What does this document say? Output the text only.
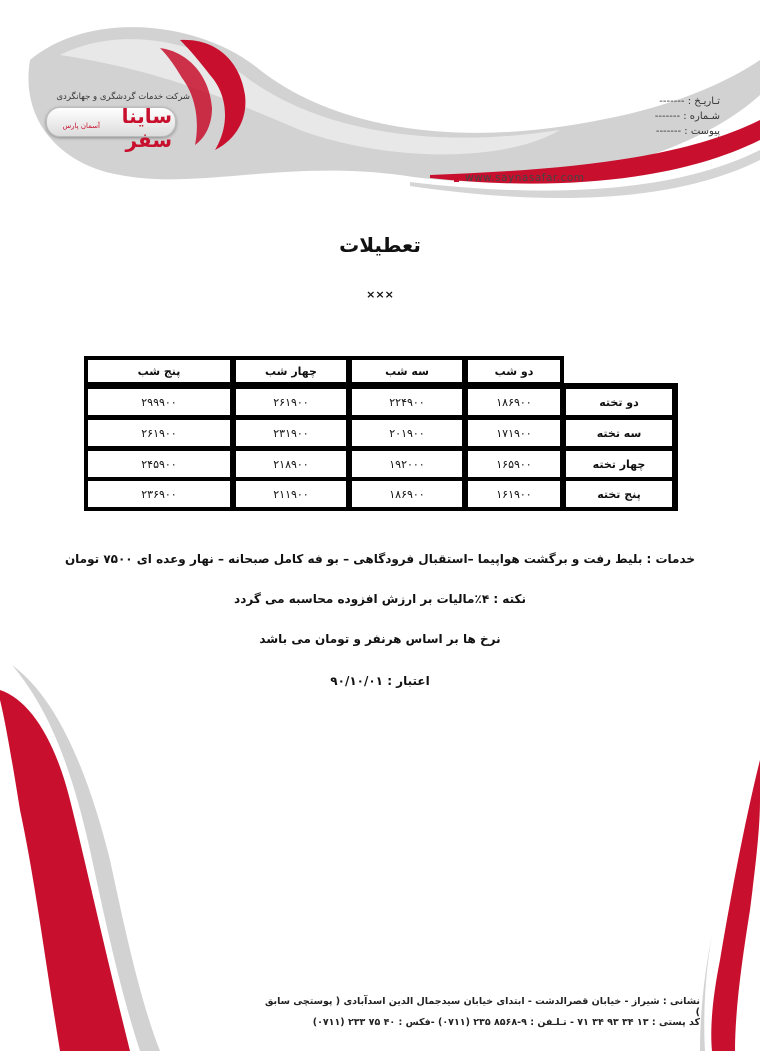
شرکت خدمات گردشگری و جهانگردی
ساینا سفر
آسمان پارس
تـاریـخ : -------
شـماره : -------
پیوست : -------
www.saynasafar.com
تعطیلات
×××
دو شب
سه شب
چهار شب
پنج شب
دو تخته
۱۸۶۹۰۰
۲۲۴۹۰۰
۲۶۱۹۰۰
۲۹۹۹۰۰
سه تخته
۱۷۱۹۰۰
۲۰۱۹۰۰
۲۳۱۹۰۰
۲۶۱۹۰۰
چهار تخته
۱۶۵۹۰۰
۱۹۲۰۰۰
۲۱۸۹۰۰
۲۴۵۹۰۰
پنج تخته
۱۶۱۹۰۰
۱۸۶۹۰۰
۲۱۱۹۰۰
۲۳۶۹۰۰
خدمات : بلیط رفت و برگشت هواپیما –استقبال فرودگاهی – بو فه کامل صبحانه – نهار وعده ای ۷۵۰۰ تومان
نکته : ۴٪مالیات بر ارزش افزوده محاسبه می گردد
نرخ ها بر اساس هرنفر و تومان می باشد
اعتبار : ۹۰/۱۰/۰۱
نشانی : شیراز - خیابان قصرالدشت - ابتدای خیابان سیدجمال الدین اسدآبادی ( پوستچی سابق )
کد پستی : ۱۳ ۳۴ ۹۳ ۳۴ ۷۱ - تـلـفن : ۹-۸۵۶۸ ۲۳۵ (۰۷۱۱) -فکس : ۴۰ ۷۵ ۲۳۳ (۰۷۱۱)
